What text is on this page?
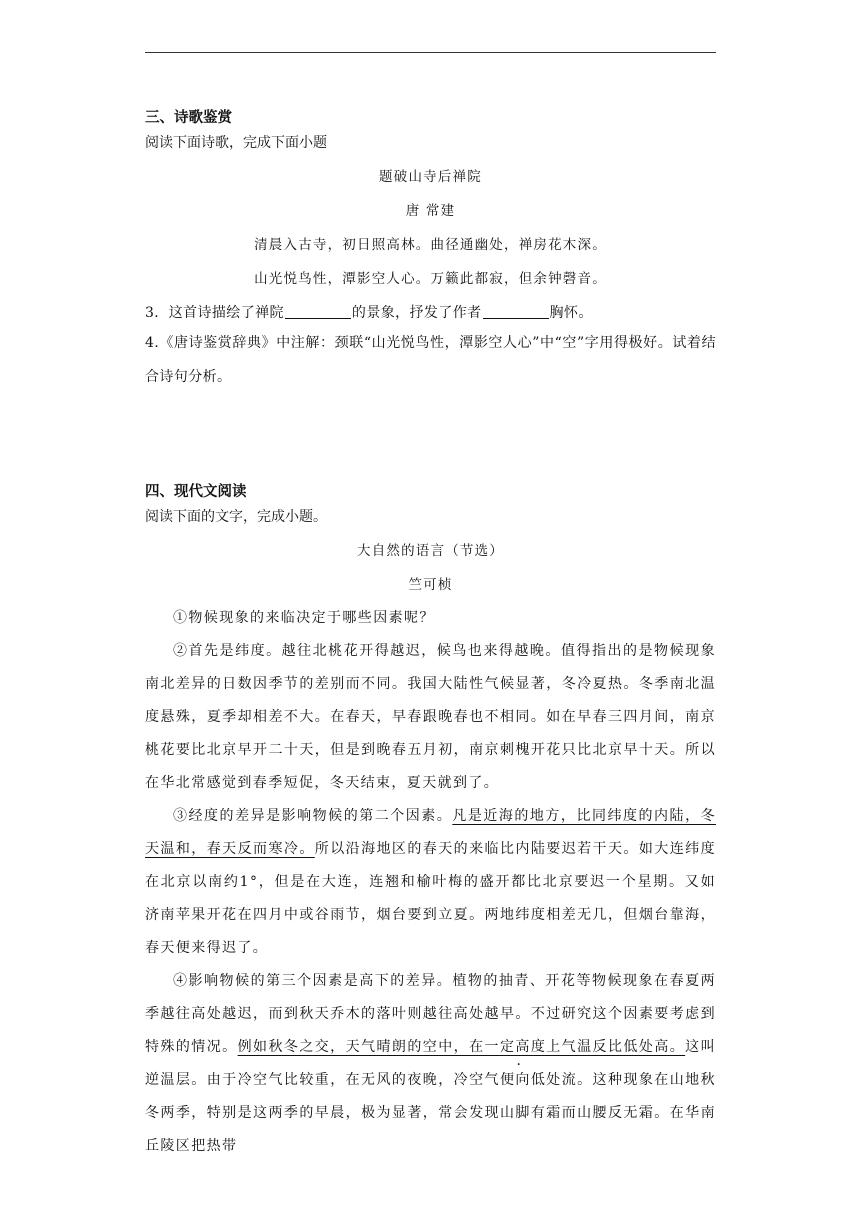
三、诗歌鉴赏
阅读下面诗歌，完成下面小题
题破山寺后禅院
唐 常建
清晨入古寺，初日照高林。曲径通幽处，禅房花木深。
山光悦鸟性，潭影空人心。万籁此都寂，但余钟磬音。
3．这首诗描绘了禅院	的景象，抒发了作者	胸怀。
4.《唐诗鉴赏辞典》中注解：颈联“山光悦鸟性，潭影空人心”中“空”字用得极好。试着结合诗句分析。
四、现代文阅读
阅读下面的文字，完成小题。
大自然的语言（节选）
竺可桢
①物候现象的来临决定于哪些因素呢？
②首先是纬度。越往北桃花开得越迟，候鸟也来得越晚。值得指出的是物候现象南北差异的日数因季节的差别而不同。我国大陆性气候显著，冬冷夏热。冬季南北温度悬殊，夏季却相差不大。在春天，早春跟晚春也不相同。如在早春三四月间，南京桃花要比北京早开二十天，但是到晚春五月初，南京刺槐开花只比北京早十天。所以在华北常感觉到春季短促，冬天结束，夏天就到了。
③经度的差异是影响物候的第二个因素。凡是近海的地方，比同纬度的内陆，冬天温和，春天反而寒冷。所以沿海地区的春天的来临比内陆要迟若干天。如大连纬度在北京以南约1°，但是在大连，连翘和榆叶梅的盛开都比北京要迟一个星期。又如济南苹果开花在四月中或谷雨节，烟台要到立夏。两地纬度相差无几，但烟台靠海，春天便来得迟了。
④影响物候的第三个因素是高下的差异。植物的抽青、开花等物候现象在春夏两季越往高处越迟，而到秋天乔木的落叶则越往高处越早。不过研究这个因素要考虑到特殊的情况。例如秋冬之交，天气晴朗的空中，在一 ·定高度上气温反比低处高。这叫逆温层。由于冷空气比较重，在无风的夜晚，冷空气便向低处流。这种现象在山地秋冬两季，特别是这两季的早晨，极为显著，常会发现山脚有霜而山腰反无霜。在华南丘陵区把热带
